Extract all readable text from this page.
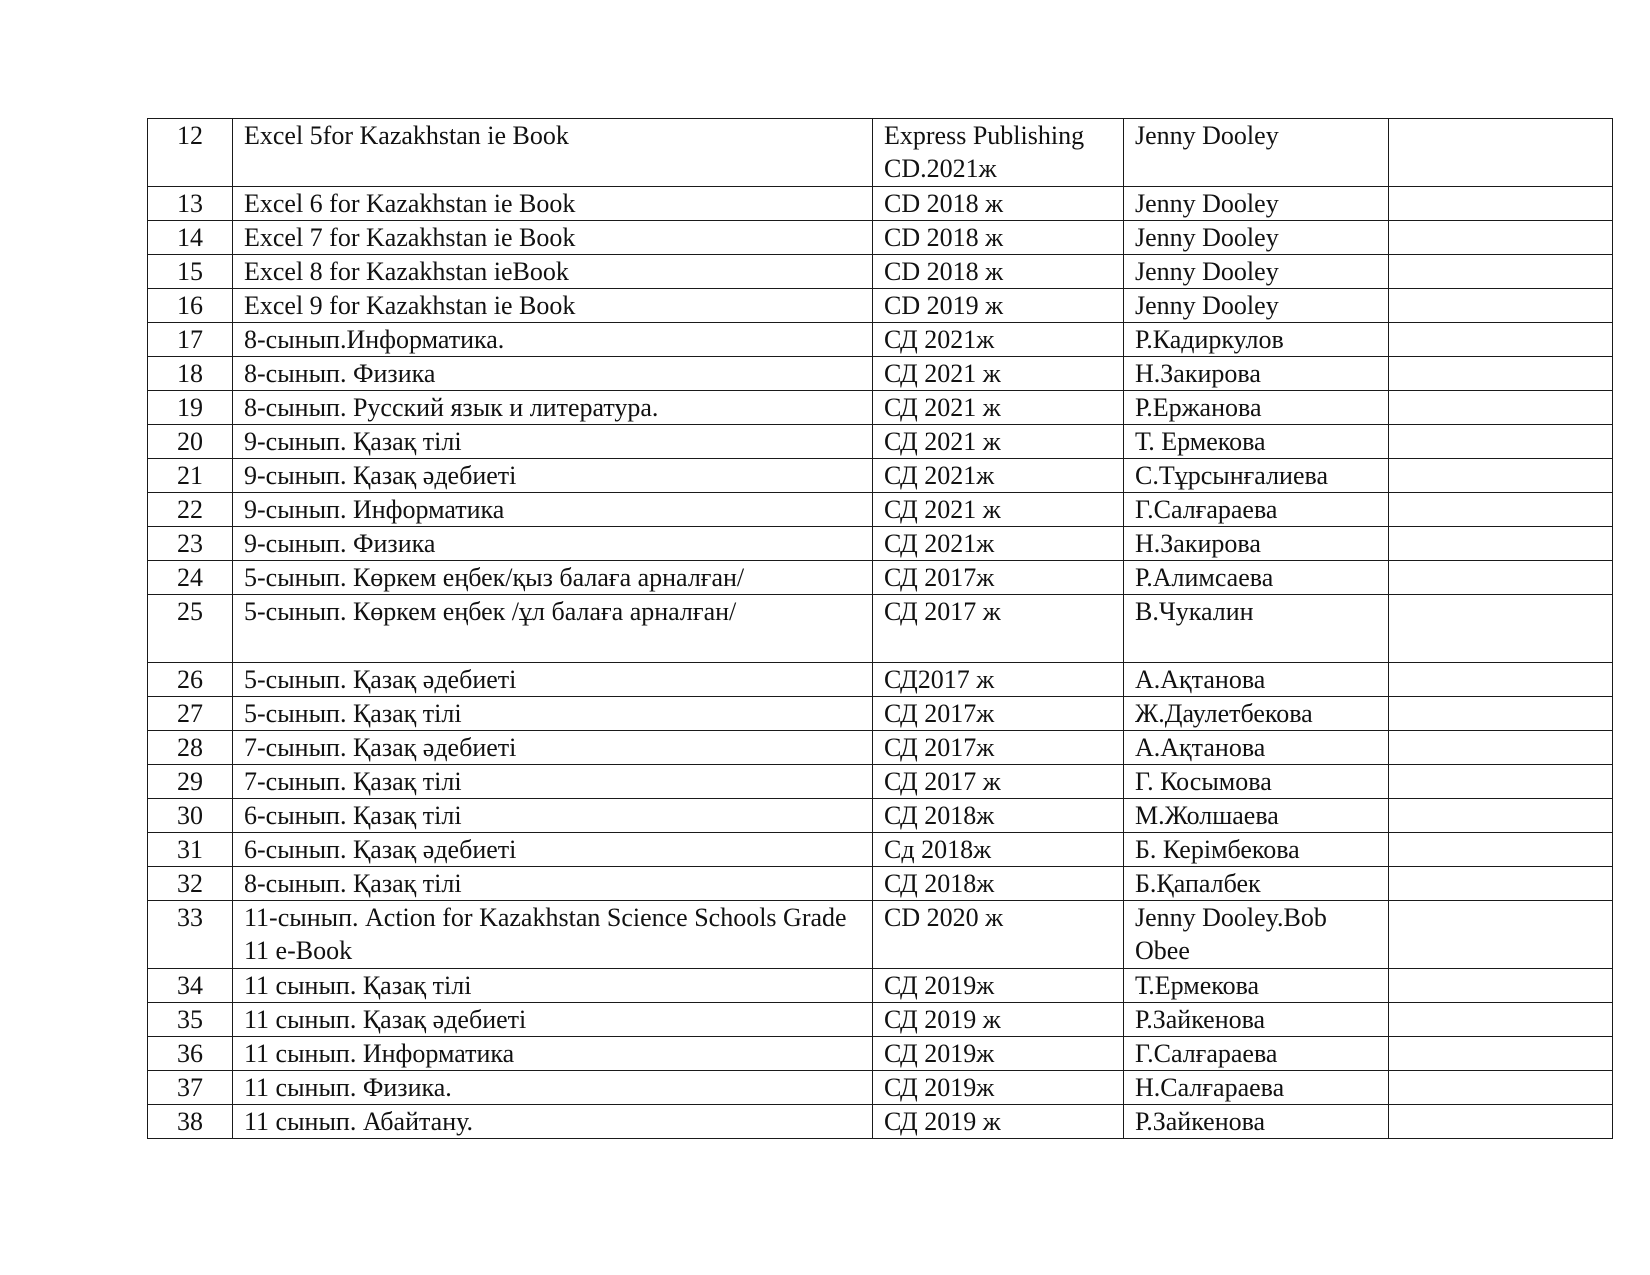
12	Excel 5for Kazakhstan ie Book	Express Publishing CD.2021ж	Jenny Dooley	
13	Excel 6 for Kazakhstan ie Book	CD 2018 ж	Jenny Dooley	
14	Excel 7 for Kazakhstan ie Book	CD 2018 ж	Jenny Dooley	
15	Excel 8 for Kazakhstan ieBook	CD 2018 ж	Jenny Dooley	
16	Excel 9 for Kazakhstan ie Book	CD 2019 ж	Jenny Dooley	
17	8-сынып.Информатика.	СД 2021ж	Р.Кадиркулов	
18	8-сынып. Физика	СД 2021 ж	Н.Закирова	
19	8-сынып. Русский язык и литература.	СД 2021 ж	Р.Ержанова	
20	9-сынып. Қазақ тілі	СД 2021 ж	Т. Ермекова	
21	9-сынып. Қазақ әдебиеті	СД 2021ж	С.Тұрсынғалиева	
22	9-сынып. Информатика	СД 2021 ж	Г.Салғараева	
23	9-сынып. Физика	СД 2021ж	Н.Закирова	
24	5-сынып. Көркем еңбек/қыз балаға арналған/	СД 2017ж	Р.Алимсаева	
25	5-сынып. Көркем еңбек /ұл балаға арналған/	СД 2017 ж	В.Чукалин	
26	5-сынып. Қазақ әдебиеті	СД2017 ж	А.Ақтанова	
27	5-сынып. Қазақ тілі	СД 2017ж	Ж.Даулетбекова	
28	7-сынып. Қазақ әдебиеті	СД 2017ж	А.Ақтанова	
29	7-сынып. Қазақ тілі	СД 2017 ж	Г. Косымова	
30	6-сынып. Қазақ тілі	СД 2018ж	М.Жолшаева	
31	6-сынып. Қазақ әдебиеті	Сд 2018ж	Б. Керімбекова	
32	8-сынып. Қазақ тілі	СД 2018ж	Б.Қапалбек	
33	11-сынып. Action for Kazakhstan Science Schools Grade 11 e-Book	CD 2020 ж	Jenny Dooley.Bob Obee	
34	11 сынып. Қазақ тілі	СД 2019ж	Т.Ермекова	
35	11 сынып. Қазақ әдебиеті	СД 2019 ж	Р.Зайкенова	
36	11 сынып. Информатика	СД 2019ж	Г.Салғараева	
37	11 сынып. Физика.	СД 2019ж	Н.Салғараева	
38	11 сынып. Абайтану.	СД 2019 ж	Р.Зайкенова	
